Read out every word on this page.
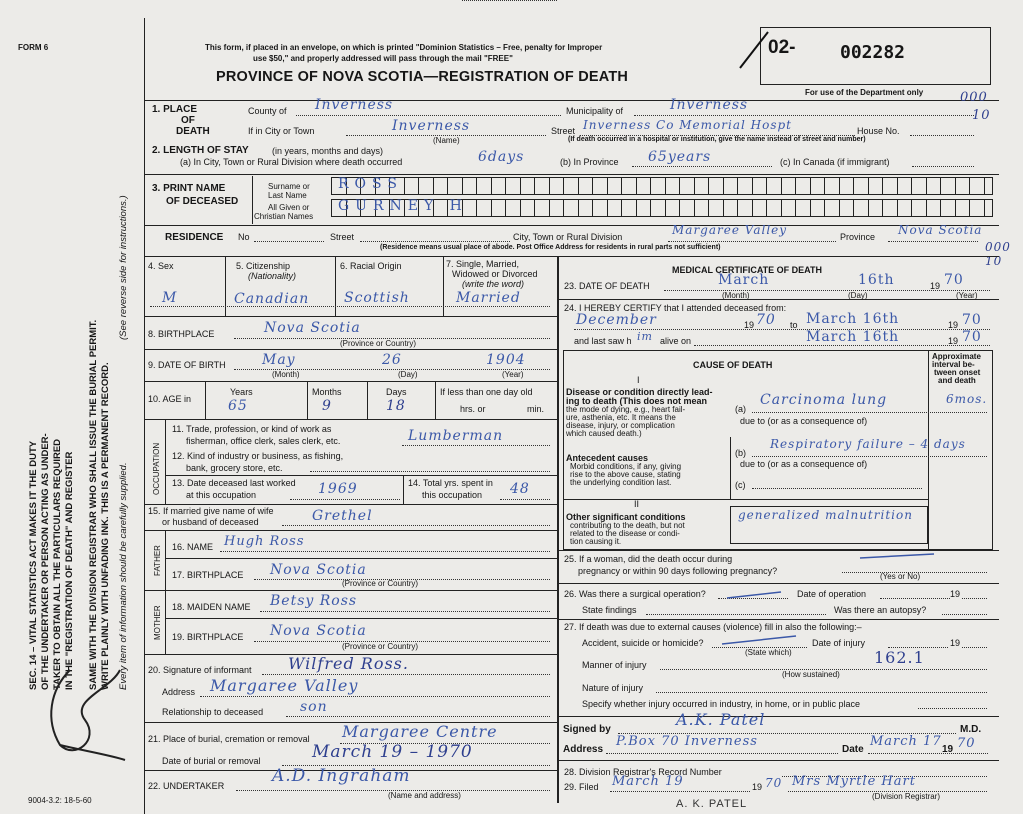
FORM 6
SEC. 14 – VITAL STATISTICS ACT MAKES IT THE DUTY OF THE UNDERTAKER OR PERSON ACTING AS UNDER- TAKER TO OBTAIN ALL THE PARTICULARS REQUIRED IN THE "REGISTRATION OF DEATH" AND REGISTER SAME WITH THE DIVISION REGISTRAR WHO SHALL ISSUE THE BURIAL PERMIT. WRITE PLAINLY WITH UNFADING INK. THIS IS A PERMANENT RECORD. Every item of information should be carefully supplied.
(See reverse side for instructions.)
9004-3.2: 18-5-60
This form, if placed in an envelope, on which is printed "Dominion Statistics – Free, penalty for Improper
use $50," and properly addressed will pass through the mail "FREE"
PROVINCE OF NOVA SCOTIA—REGISTRATION OF DEATH
02- 002282
For use of the Department only	000
10
1. PLACE
OF
DEATH
County of Inverness	Municipality of	Inverness
If in City or Town	Inverness
(Name)
Street Inverness Co Memorial Hospt	House No.
(If death occurred in a hospital or institution, give the name instead of street and number)
2. LENGTH OF STAY	(in years, months and days)
(a) In City, Town or Rural Division where death occurred	6days	(b) In Province 65years	(c) In Canada (if immigrant)
3. PRINT NAME
OF DECEASED
Surname or
Last Name
All Given or
Christian Names
ROSS
GURNEY H
RESIDENCE No	Street	City, Town or Rural Division	Margaree Valley	Province Nova Scotia
000
10
(Residence means usual place of abode. Post Office Address for residents in rural parts not sufficient)
4. Sex	5. Citizenship
(Nationality)
6. Racial Origin	7. Single, Married,
Widowed or Divorced
(write the word)
M	Canadian Scottish	Married
8. BIRTHPLACE	Nova Scotia
(Province or Country)
9. DATE OF BIRTH	May	26	1904
(Month)	(Day)	(Year)
10. AGE in
Years	Months	Days	If less than one day old
hrs. or	min.
65	9	18
OCCUPATION
11. Trade, profession, or kind of work as
fisherman, office clerk, sales clerk, etc.	Lumberman
12. Kind of industry or business, as fishing,
bank, grocery store, etc.
13. Date deceased last worked
at this occupation	1969	14. Total yrs. spent in
this occupation 48
15. If married give name of wife
or husband of deceased	Grethel
FATHER 16. NAME Hugh Ross
17. BIRTHPLACE Nova Scotia
(Province or Country)
MOTHER 18. MAIDEN NAME Betsy Ross
19. BIRTHPLACE Nova Scotia
(Province or Country)
20. Signature of informant Wilfred Ross.
Address Margaree Valley
Relationship to deceased	son
21. Place of burial, cremation or removal Margaree Centre
Date of burial or removal	March 19 – 1970
22. UNDERTAKER	A.D. Ingraham
(Name and address)
MEDICAL CERTIFICATE OF DEATH
23. DATE OF DEATH	March	16th	19 70
(Month)	(Day)	(Year)
24. I HEREBY CERTIFY that I attended deceased from:
December	19 70 to March 16th	19 70
and last saw h im alive on	March 16th	19 70
CAUSE OF DEATH
Approximate
interval be-
tween onset
and death
I
Disease or condition directly lead-
ing to death (This does not mean
the mode of dying, e.g., heart fail-
ure, asthenia, etc. It means the
disease, injury, or complication
which caused death.)
(a)
Carcinoma lung	6mos.
due to (or as a consequence of)
(b)
Respiratory failure – 4 days
due to (or as a consequence of)
Antecedent causes
Morbid conditions, if any, giving
rise to the above cause, stating
the underlying condition last.	(c)
II
Other significant conditions
contributing to the death, but not
related to the disease or condi-
tion causing it.
generalized malnutrition
25. If a woman, did the death occur during
pregnancy or within 90 days following pregnancy?
(Yes or No)
26. Was there a surgical operation?	Date of operation	19
State findings	Was there an autopsy?
27. If death was due to external causes (violence) fill in also the following:–
Accident, suicide or homicide?	Date of injury	19
(State which)
Manner of injury	162.1
(How sustained)
Nature of injury
Specify whether injury occurred in industry, in home, or in public place
Signed by
A.K. Patel
M.D.
Address
P.Box 70 Inverness
Date
March 17
19 70
28. Division Registrar's Record Number
29. Filed March 19	19 70 Mrs Myrtle Hart
(Division Registrar)
A. K. PATEL
